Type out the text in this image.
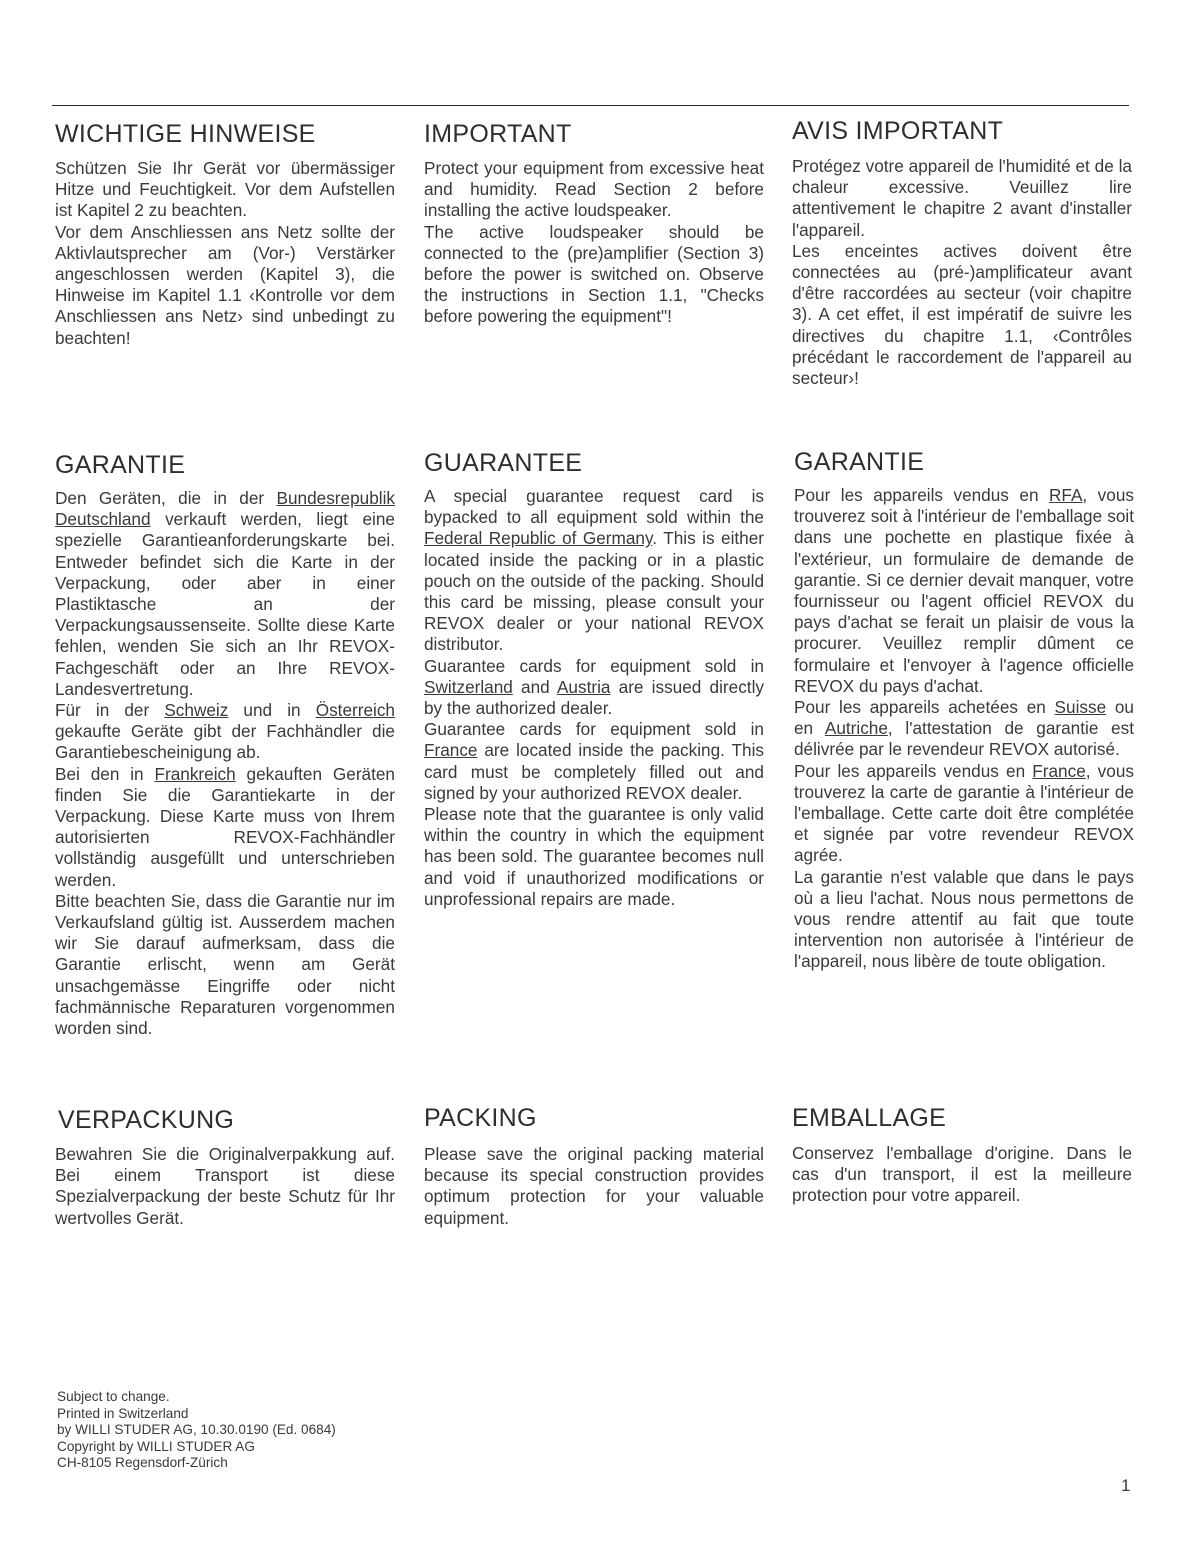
WICHTIGE HINWEISE

Schützen Sie Ihr Gerät vor übermässiger Hitze und Feuchtigkeit. Vor dem Aufstellen ist Kapitel 2 zu beachten.

Vor dem Anschliessen ans Netz sollte der Aktivlautsprecher am (Vor-) Verstärker angeschlossen werden (Kapitel 3), die Hinweise im Kapitel 1.1 ‹Kontrolle vor dem Anschliessen ans Netz› sind unbedingt zu beachten!

GARANTIE

Den Geräten, die in der Bundesrepublik Deutschland verkauft werden, liegt eine spezielle Garantieanforderungskarte bei. Entweder befindet sich die Karte in der Verpackung, oder aber in einer Plastiktasche an der Verpackungsaussenseite. Sollte diese Karte fehlen, wenden Sie sich an Ihr REVOX-Fachgeschäft oder an Ihre REVOX-Landesvertretung.

Für in der Schweiz und in Österreich gekaufte Geräte gibt der Fachhändler die Garantiebescheinigung ab.

Bei den in Frankreich gekauften Geräten finden Sie die Garantiekarte in der Verpackung. Diese Karte muss von Ihrem autorisierten REVOX-Fachhändler vollständig ausgefüllt und unterschrieben werden.

Bitte beachten Sie, dass die Garantie nur im Verkaufsland gültig ist. Ausserdem machen wir Sie darauf aufmerksam, dass die Garantie erlischt, wenn am Gerät unsachgemässe Eingriffe oder nicht fachmännische Reparaturen vorgenommen worden sind.

VERPACKUNG

Bewahren Sie die Originalverpakkung auf. Bei einem Transport ist diese Spezialverpackung der beste Schutz für Ihr wertvolles Gerät.

IMPORTANT

Protect your equipment from excessive heat and humidity. Read Section 2 before installing the active loudspeaker.

The active loudspeaker should be connected to the (pre)amplifier (Section 3) before the power is switched on. Observe the instructions in Section 1.1, "Checks before powering the equipment"!

GUARANTEE

A special guarantee request card is bypacked to all equipment sold within the Federal Republic of Germany. This is either located inside the packing or in a plastic pouch on the outside of the packing. Should this card be missing, please consult your REVOX dealer or your national REVOX distributor.

Guarantee cards for equipment sold in Switzerland and Austria are issued directly by the authorized dealer.

Guarantee cards for equipment sold in France are located inside the packing. This card must be completely filled out and signed by your authorized REVOX dealer.

Please note that the guarantee is only valid within the country in which the equipment has been sold. The guarantee becomes null and void if unauthorized modifications or unprofessional repairs are made.

PACKING

Please save the original packing material because its special construction provides optimum protection for your valuable equipment.

AVIS IMPORTANT

Protégez votre appareil de l'humidité et de la chaleur excessive. Veuillez lire attentivement le chapitre 2 avant d'installer l'appareil.

Les enceintes actives doivent être connectées au (pré-)amplificateur avant d'être raccordées au secteur (voir chapitre 3). A cet effet, il est impératif de suivre les directives du chapitre 1.1, ‹Contrôles précédant le raccordement de l'appareil au secteur›!

GARANTIE

Pour les appareils vendus en RFA, vous trouverez soit à l'intérieur de l'emballage soit dans une pochette en plastique fixée à l'extérieur, un formulaire de demande de garantie. Si ce dernier devait manquer, votre fournisseur ou l'agent officiel REVOX du pays d'achat se ferait un plaisir de vous la procurer. Veuillez remplir dûment ce formulaire et l'envoyer à l'agence officielle REVOX du pays d'achat.

Pour les appareils achetées en Suisse ou en Autriche, l'attestation de garantie est délivrée par le revendeur REVOX autorisé.

Pour les appareils vendus en France, vous trouverez la carte de garantie à l'intérieur de l'emballage. Cette carte doit être complétée et signée par votre revendeur REVOX agrée.

La garantie n'est valable que dans le pays où a lieu l'achat. Nous nous permettons de vous rendre attentif au fait que toute intervention non autorisée à l'intérieur de l'appareil, nous libère de toute obligation.

EMBALLAGE

Conservez l'emballage d'origine. Dans le cas d'un transport, il est la meilleure protection pour votre appareil.

Subject to change.
Printed in Switzerland
by WILLI STUDER AG, 10.30.0190 (Ed. 0684)
Copyright by WILLI STUDER AG
CH-8105 Regensdorf-Zürich
1
